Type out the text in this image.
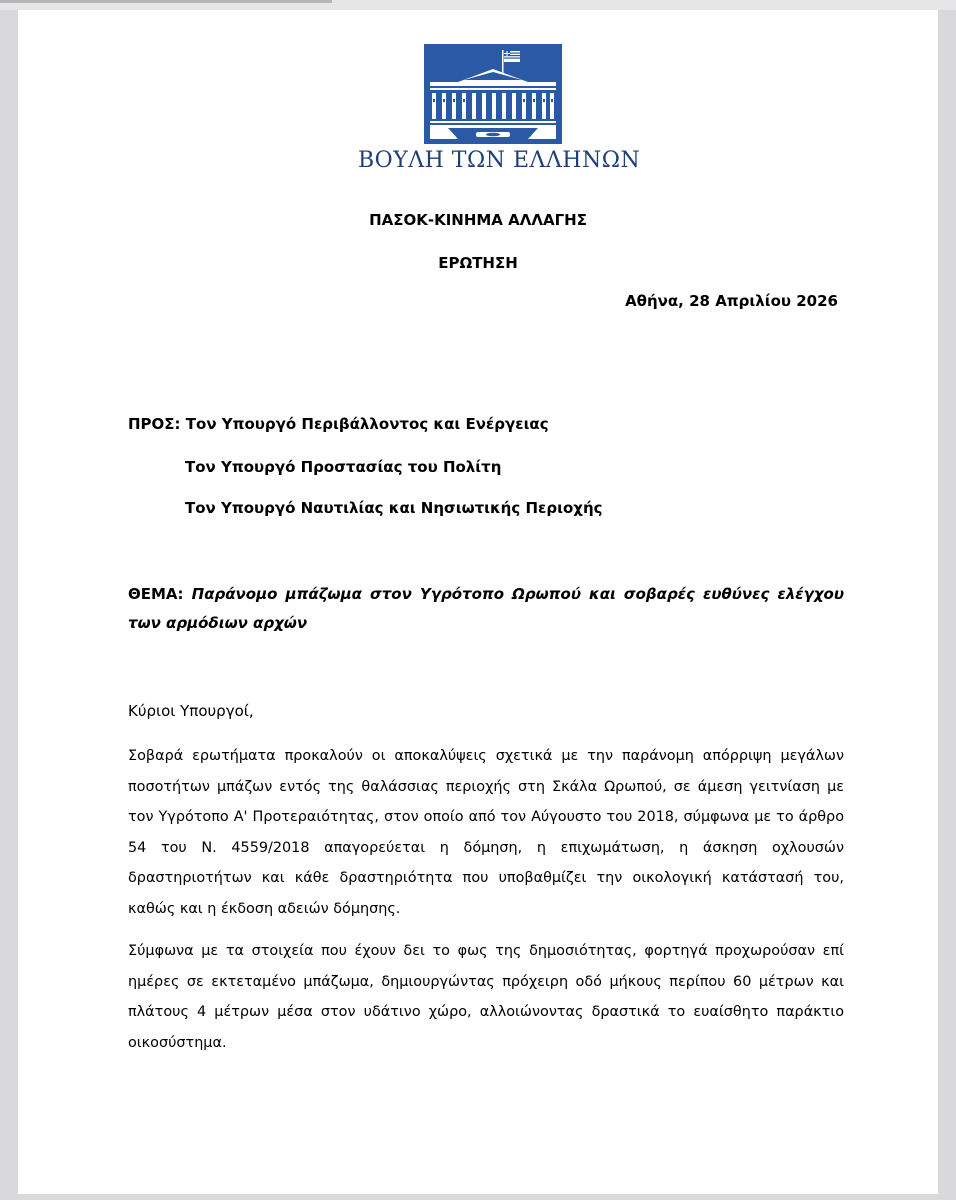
ΒΟΥΛΗ ΤΩΝ ΕΛΛΗΝΩΝ
ΠΑΣΟΚ-ΚΙΝΗΜΑ ΑΛΛΑΓΗΣ
ΕΡΩΤΗΣΗ
Αθήνα, 28 Απριλίου 2026
ΠΡΟΣ: Τον Υπουργό Περιβάλλοντος και Ενέργειας
Τον Υπουργό Προστασίας του Πολίτη
Τον Υπουργό Ναυτιλίας και Νησιωτικής Περιοχής
ΘΕΜΑ: Παράνομο μπάζωμα στον Υγρότοπο Ωρωπού και σοβαρές ευθύνες ελέγχου των αρμόδιων αρχών
Κύριοι Υπουργοί,

Σοβαρά ερωτήματα προκαλούν οι αποκαλύψεις σχετικά με την παράνομη απόρριψη μεγάλων ποσοτήτων μπάζων εντός της θαλάσσιας περιοχής στη Σκάλα Ωρωπού, σε άμεση γειτνίαση με τον Υγρότοπο Α' Προτεραιότητας, στον οποίο από τον Αύγουστο του 2018, σύμφωνα με το άρθρο 54 του Ν. 4559/2018 απαγορεύεται η δόμηση, η επιχωμάτωση, η άσκηση οχλουσών δραστηριοτήτων και κάθε δραστηριότητα που υποβαθμίζει την οικολογική κατάστασή του, καθώς και η έκδοση αδειών δόμησης.

Σύμφωνα με τα στοιχεία που έχουν δει το φως της δημοσιότητας, φορτηγά προχωρούσαν επί ημέρες σε εκτεταμένο μπάζωμα, δημιουργώντας πρόχειρη οδό μήκους περίπου 60 μέτρων και πλάτους 4 μέτρων μέσα στον υδάτινο χώρο, αλλοιώνοντας δραστικά το ευαίσθητο παράκτιο οικοσύστημα.
